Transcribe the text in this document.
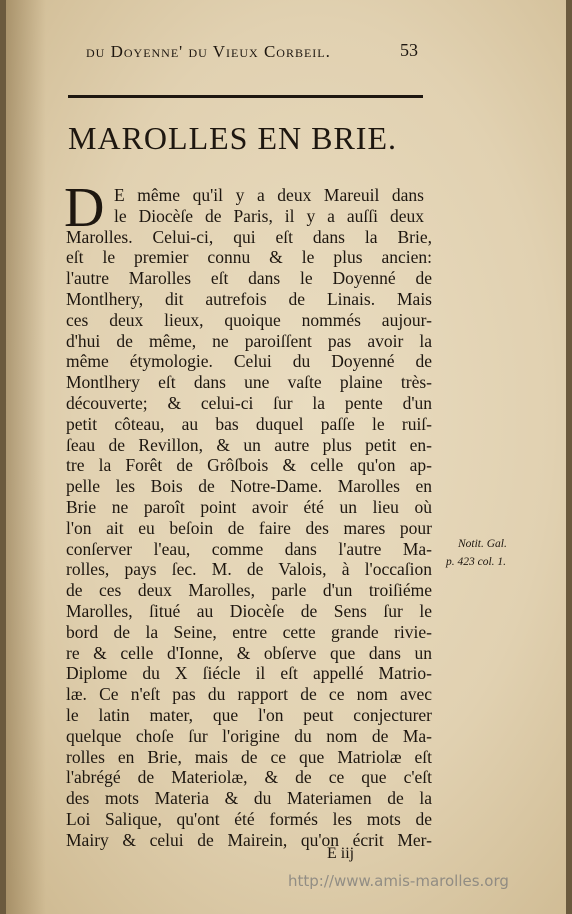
du Doyenne' du Vieux Corbeil.	53
MAROLLES EN BRIE.
D E même qu'il y a deux Mareuil dans
le Diocèſe de Paris, il y a auſſi deux
Marolles. Celui-ci, qui eſt dans la Brie,
eſt le premier connu & le plus ancien:
l'autre Marolles eſt dans le Doyenné de
Montlhery, dit autrefois de Linais. Mais
ces deux lieux, quoique nommés aujour-
d'hui de même, ne paroiſſent pas avoir la
même étymologie. Celui du Doyenné de
Montlhery eſt dans une vaſte plaine très-
découverte; & celui-ci ſur la pente d'un
petit côteau, au bas duquel paſſe le ruiſ-
ſeau de Revillon, & un autre plus petit en-
tre la Forêt de Grôſbois & celle qu'on ap-
pelle les Bois de Notre-Dame. Marolles en
Brie ne paroît point avoir été un lieu où
l'on ait eu beſoin de faire des mares pour
conſerver l'eau, comme dans l'autre Ma-
rolles, pays ſec. M. de Valois, à l'occaſion
de ces deux Marolles, parle d'un troiſiéme
Marolles, ſitué au Diocèſe de Sens ſur le
bord de la Seine, entre cette grande rivie-
re & celle d'Ionne, & obſerve que dans un
Diplome du X ſiécle il eſt appellé Matrio-
læ. Ce n'eſt pas du rapport de ce nom avec
le latin mater, que l'on peut conjecturer
quelque choſe ſur l'origine du nom de Ma-
rolles en Brie, mais de ce que Matriolæ eſt
l'abrégé de Materiolæ, & de ce que c'eſt
des mots Materia & du Materiamen de la
Loi Salique, qu'ont été formés les mots de
Mairy & celui de Mairein, qu'on écrit Mer-
Notit. Gal.
p. 423 col. 1.
E iij
http://www.amis-marolles.org
